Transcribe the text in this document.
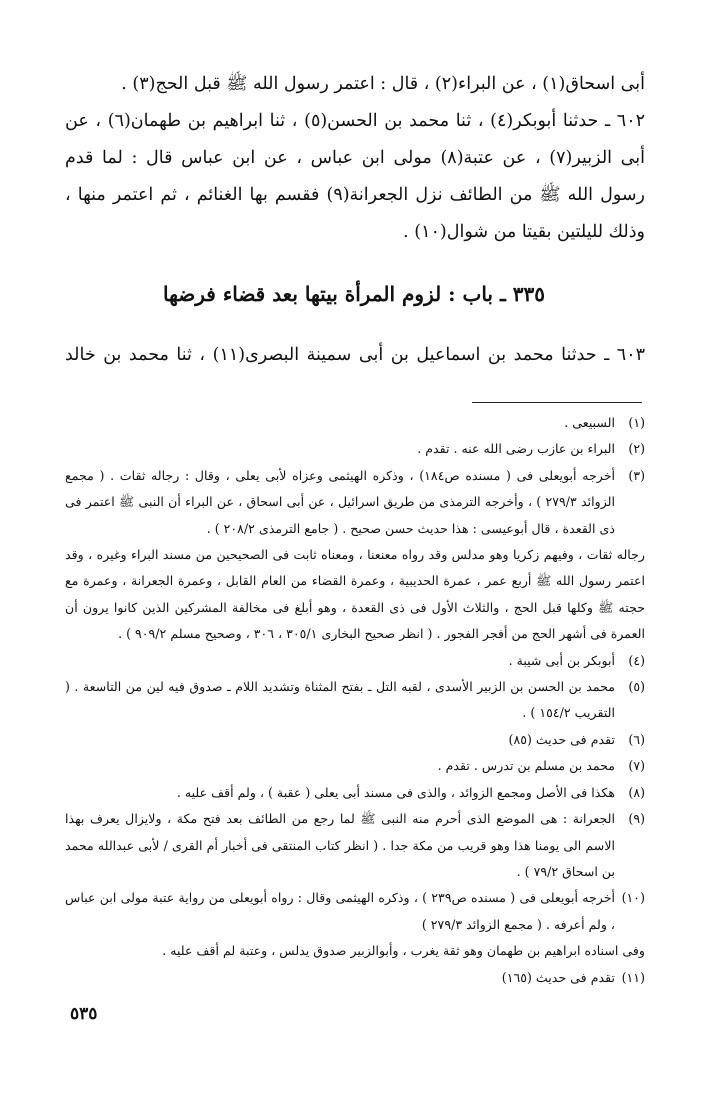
أبى اسحاق(١) ، عن البراء(٢) ، قال : اعتمر رسول الله ﷺ قبل الحج(٣) .

٦٠٢ ـ حدثنا أبوبكر(٤) ، ثنا محمد بن الحسن(٥) ، ثنا ابراهيم بن طهمان(٦) ، عن أبى الزبير(٧) ، عن عتبة(٨) مولى ابن عباس ، عن ابن عباس قال : لما قدم رسول الله ﷺ من الطائف نزل الجعرانة(٩) فقسم بها الغنائم ، ثم اعتمر منها ، وذلك لليلتين بقيتا من شوال(١٠) .

٣٣٥ ـ باب : لزوم المرأة بيتها بعد قضاء فرضها
٦٠٣ ـ حدثنا محمد بن اسماعيل بن أبى سمينة البصرى(١١) ، ثنا محمد بن خالد
(١)
السبيعى .
(٢)
البراء بن عازب رضى الله عنه . تقدم .
(٣)
أخرجه أبويعلى فى ( مسنده ص١٨٤) ، وذكره الهيثمى وعزاه لأبى يعلى ، وقال : رجاله ثقات . ( مجمع الزوائد ٢٧٩/٣ ) ، وأخرجه الترمذى من طريق اسرائيل ، عن أبى اسحاق ، عن البراء أن النبى ﷺ اعتمر فى ذى القعدة ، قال أبوعيسى : هذا حديث حسن صحيح . ( جامع الترمذى ٢٠٨/٢ ) .
رجاله ثقات ، وفيهم زكريا وهو مدلس وقد رواه معنعنا ، ومعناه ثابت فى الصحيحين من مسند البراء وغيره ، وقد اعتمر رسول الله ﷺ أربع عمر ، عمرة الحديبية ، وعمرة القضاء من العام القابل ، وعمرة الجعرانة ، وعمرة مع حجته ﷺ وكلها قبل الحج ، والثلاث الأول فى ذى القعدة ، وهو أبلغ فى مخالفة المشركين الذين كانوا يرون أن العمرة فى أشهر الحج من أفجر الفجور . ( انظر صحيح البخارى ٣٠٥/١ ، ٣٠٦ ، وصحيح مسلم ٩٠٩/٢ ) .
(٤)
أبوبكر بن أبى شيبة .
(٥)
محمد بن الحسن بن الزبير الأسدى ، لقبه التل ـ بفتح المثناة وتشديد اللام ـ صدوق فيه لين من التاسعة . ( التقريب ١٥٤/٢ ) .
(٦)
تقدم فى حديث (٨٥)
(٧)
محمد بن مسلم بن تدرس . تقدم .
(٨)
هكذا فى الأصل ومجمع الزوائد ، والذى فى مسند أبى يعلى ( عقبة ) ، ولم أقف عليه .
(٩)
الجعرانة : هى الموضع الذى أحرم منه النبى ﷺ لما رجع من الطائف بعد فتح مكة ، ولايزال يعرف بهذا الاسم الى يومنا هذا وهو قريب من مكة جدا . ( انظر كتاب المنتقى فى أخبار أم القرى / لأبى عبدالله محمد بن اسحاق ٧٩/٢ ) .
(١٠)
أخرجه أبويعلى فى ( مسنده ص٢٣٩ ) ، وذكره الهيثمى وقال : رواه أبويعلى من رواية عتبة مولى ابن عباس ، ولم أعرفه . ( مجمع الزوائد ٢٧٩/٣ )
وفى اسناده ابراهيم بن طهمان وهو ثقة يغرب ، وأبوالزبير صدوق يدلس ، وعتبة لم أقف عليه .
(١١)
تقدم فى حديث (١٦٥)
٥٣٥
